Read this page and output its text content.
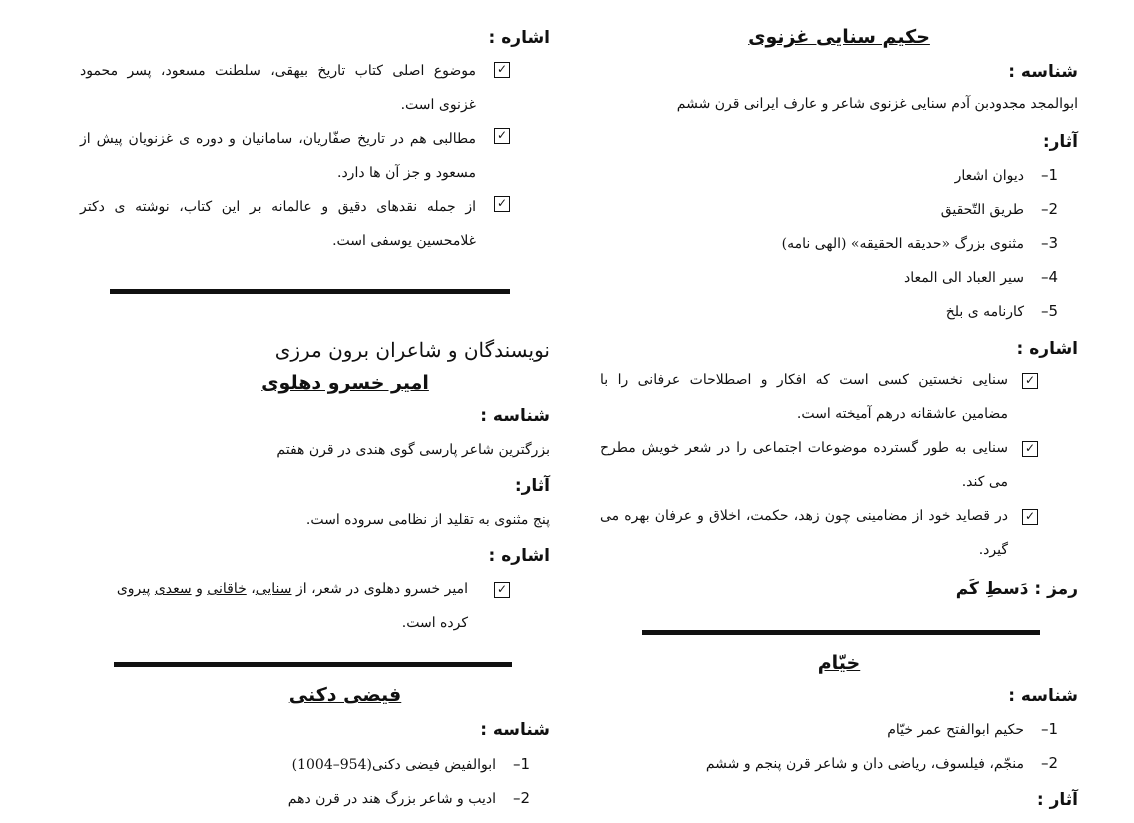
حکیم سنایی غزنوی
شناسه :
ابوالمجد مجدودبن آدم سنایی غزنوی شاعر و عارف ایرانی قرن ششم
آثار:
1–دیوان اشعار
2–طریق التّحقیق
3–مثنوی بزرگ «حدیقه الحقیقه» (الهی نامه)
4–سیر العباد الی المعاد
5–کارنامه ی بلخ
اشاره :
✓
سنایی نخستین کسی است که افکار و اصطلاحات عرفانی را با مضامین عاشقانه درهم آمیخته است.
✓
سنایی به طور گسترده موضوعات اجتماعی را در شعر خویش مطرح می کند.
✓
در قصاید خود از مضامینی چون زهد، حکمت، اخلاق و عرفان بهره می گیرد.
رمز : دَسطِ کَم
خیّام
شناسه :
1–حکیم ابوالفتح عمر خیّام
2–منجّم، فیلسوف، ریاضی دان و شاعر قرن پنجم و ششم
آثار :
اشاره :
✓
موضوع اصلی کتاب تاریخ بیهقی، سلطنت مسعود، پسر محمود غزنوی است.
✓
مطالبی هم در تاریخ صفّاریان، سامانیان و دوره ی غزنویان پیش از مسعود و جز آن ها دارد.
✓
از جمله نقدهای دقیق و عالمانه بر این کتاب، نوشته ی دکتر غلامحسین یوسفی است.
نویسندگان و شاعران برون مرزی
امیر خسرو دهلوی
شناسه :
بزرگترین شاعر پارسی گوی هندی در قرن هفتم
آثار:
پنج مثنوی به تقلید از نظامی سروده است.
اشاره :
✓
امیر خسرو دهلوی در شعر، از سنایی، خاقانی و سعدی پیروی
کرده است.
فیضی دکنی
شناسه :
1–ابوالفیض فیضی دکنی(954–1004)
2–ادیب و شاعر بزرگ هند در قرن دهم
